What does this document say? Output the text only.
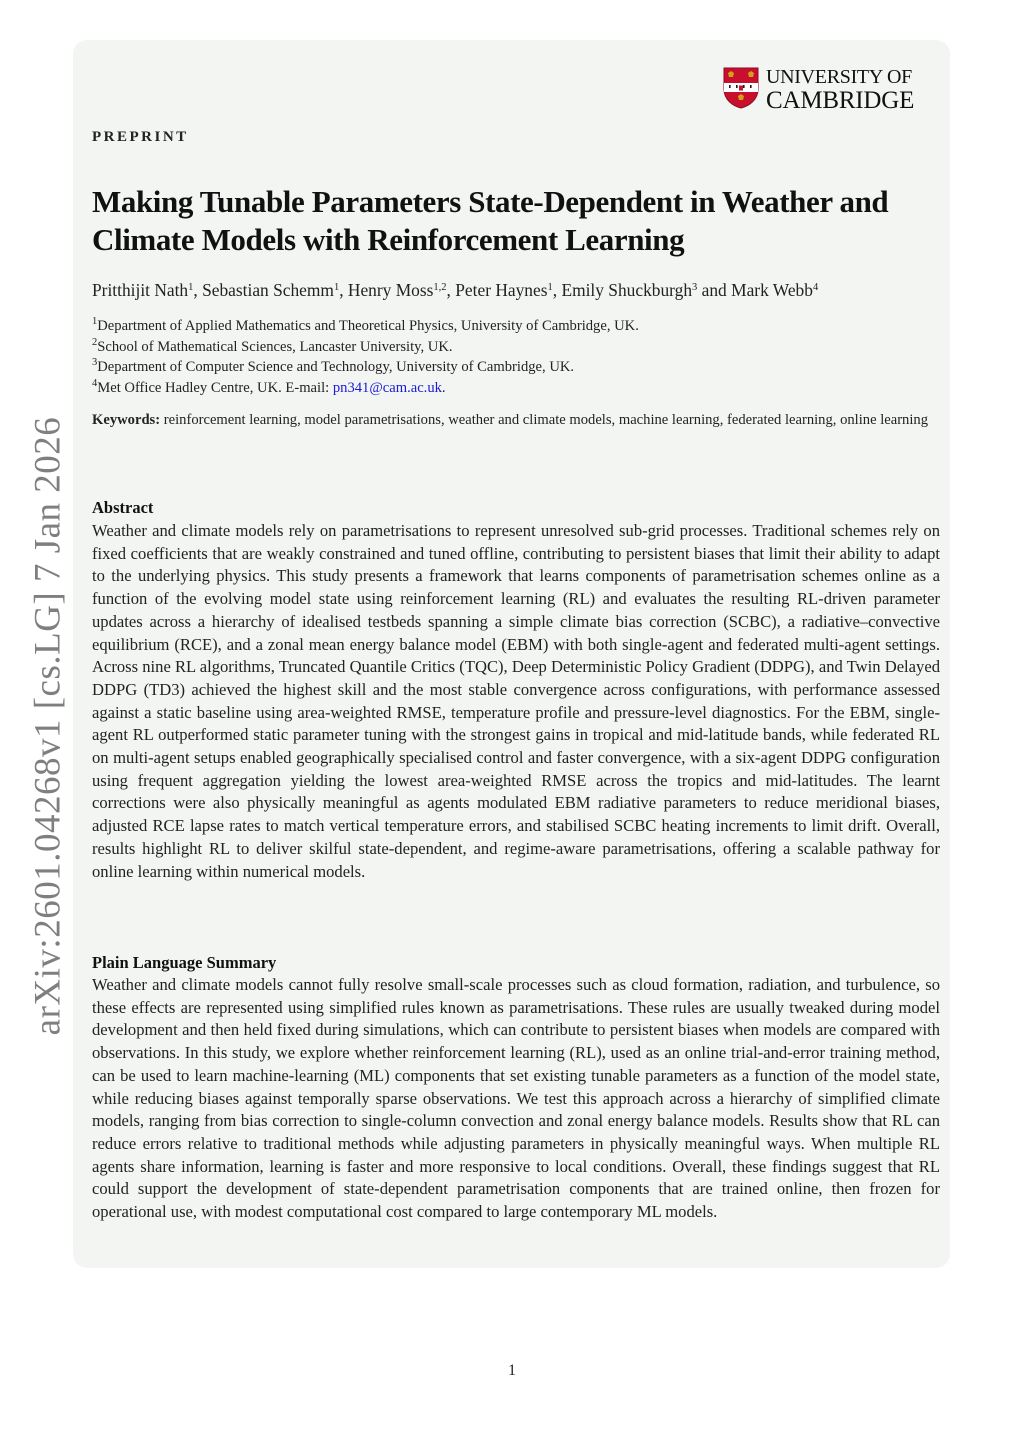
arXiv:2601.04268v1 [cs.LG] 7 Jan 2026
UNIVERSITY OF
CAMBRIDGE
PREPRINT
Making Tunable Parameters State-Dependent in Weather and Climate Models with Reinforcement Learning
Pritthijit Nath$^1$, Sebastian Schemm$^1$, Henry Moss$^{1,2}$, Peter Haynes$^1$, Emily Shuckburgh$^3$ and Mark Webb$^4$
$^1$Department of Applied Mathematics and Theoretical Physics, University of Cambridge, UK.
$^2$School of Mathematical Sciences, Lancaster University, UK.
$^3$Department of Computer Science and Technology, University of Cambridge, UK.
$^4$Met Office Hadley Centre, UK. E-mail: pn341@cam.ac.uk.
Keywords: reinforcement learning, model parametrisations, weather and climate models, machine learning, federated learning, online learning
Abstract

Weather and climate models rely on parametrisations to represent unresolved sub-grid processes. Traditional schemes rely on fixed coefficients that are weakly constrained and tuned offline, contributing to persistent biases that limit their ability to adapt to the underlying physics. This study presents a framework that learns components of parametrisation schemes online as a function of the evolving model state using reinforcement learning (RL) and evaluates the resulting RL-driven parameter updates across a hierarchy of idealised testbeds spanning a simple climate bias correction (SCBC), a radiative–convective equilibrium (RCE), and a zonal mean energy balance model (EBM) with both single-agent and federated multi-agent settings. Across nine RL algorithms, Truncated Quantile Critics (TQC), Deep Deterministic Policy Gradient (DDPG), and Twin Delayed DDPG (TD3) achieved the highest skill and the most stable convergence across configurations, with performance assessed against a static baseline using area-weighted RMSE, temperature profile and pressure-level diagnostics. For the EBM, single-agent RL outperformed static parameter tuning with the strongest gains in tropical and mid-latitude bands, while federated RL on multi-agent setups enabled geographically specialised control and faster convergence, with a six-agent DDPG configuration using frequent aggregation yielding the lowest area-weighted RMSE across the tropics and mid-latitudes. The learnt corrections were also physically meaningful as agents modulated EBM radiative parameters to reduce meridional biases, adjusted RCE lapse rates to match vertical temperature errors, and stabilised SCBC heating increments to limit drift. Overall, results highlight RL to deliver skilful state-dependent, and regime-aware parametrisations, offering a scalable pathway for online learning within numerical models.

Plain Language Summary

Weather and climate models cannot fully resolve small-scale processes such as cloud formation, radiation, and turbulence, so these effects are represented using simplified rules known as parametrisations. These rules are usually tweaked during model development and then held fixed during simulations, which can contribute to persistent biases when models are compared with observations. In this study, we explore whether reinforcement learning (RL), used as an online trial-and-error training method, can be used to learn machine-learning (ML) components that set existing tunable parameters as a function of the model state, while reducing biases against temporally sparse observations. We test this approach across a hierarchy of simplified climate models, ranging from bias correction to single-column convection and zonal energy balance models. Results show that RL can reduce errors relative to traditional methods while adjusting parameters in physically meaningful ways. When multiple RL agents share information, learning is faster and more responsive to local conditions. Overall, these findings suggest that RL could support the development of state-dependent parametrisation components that are trained online, then frozen for operational use, with modest computational cost compared to large contemporary ML models.

1
